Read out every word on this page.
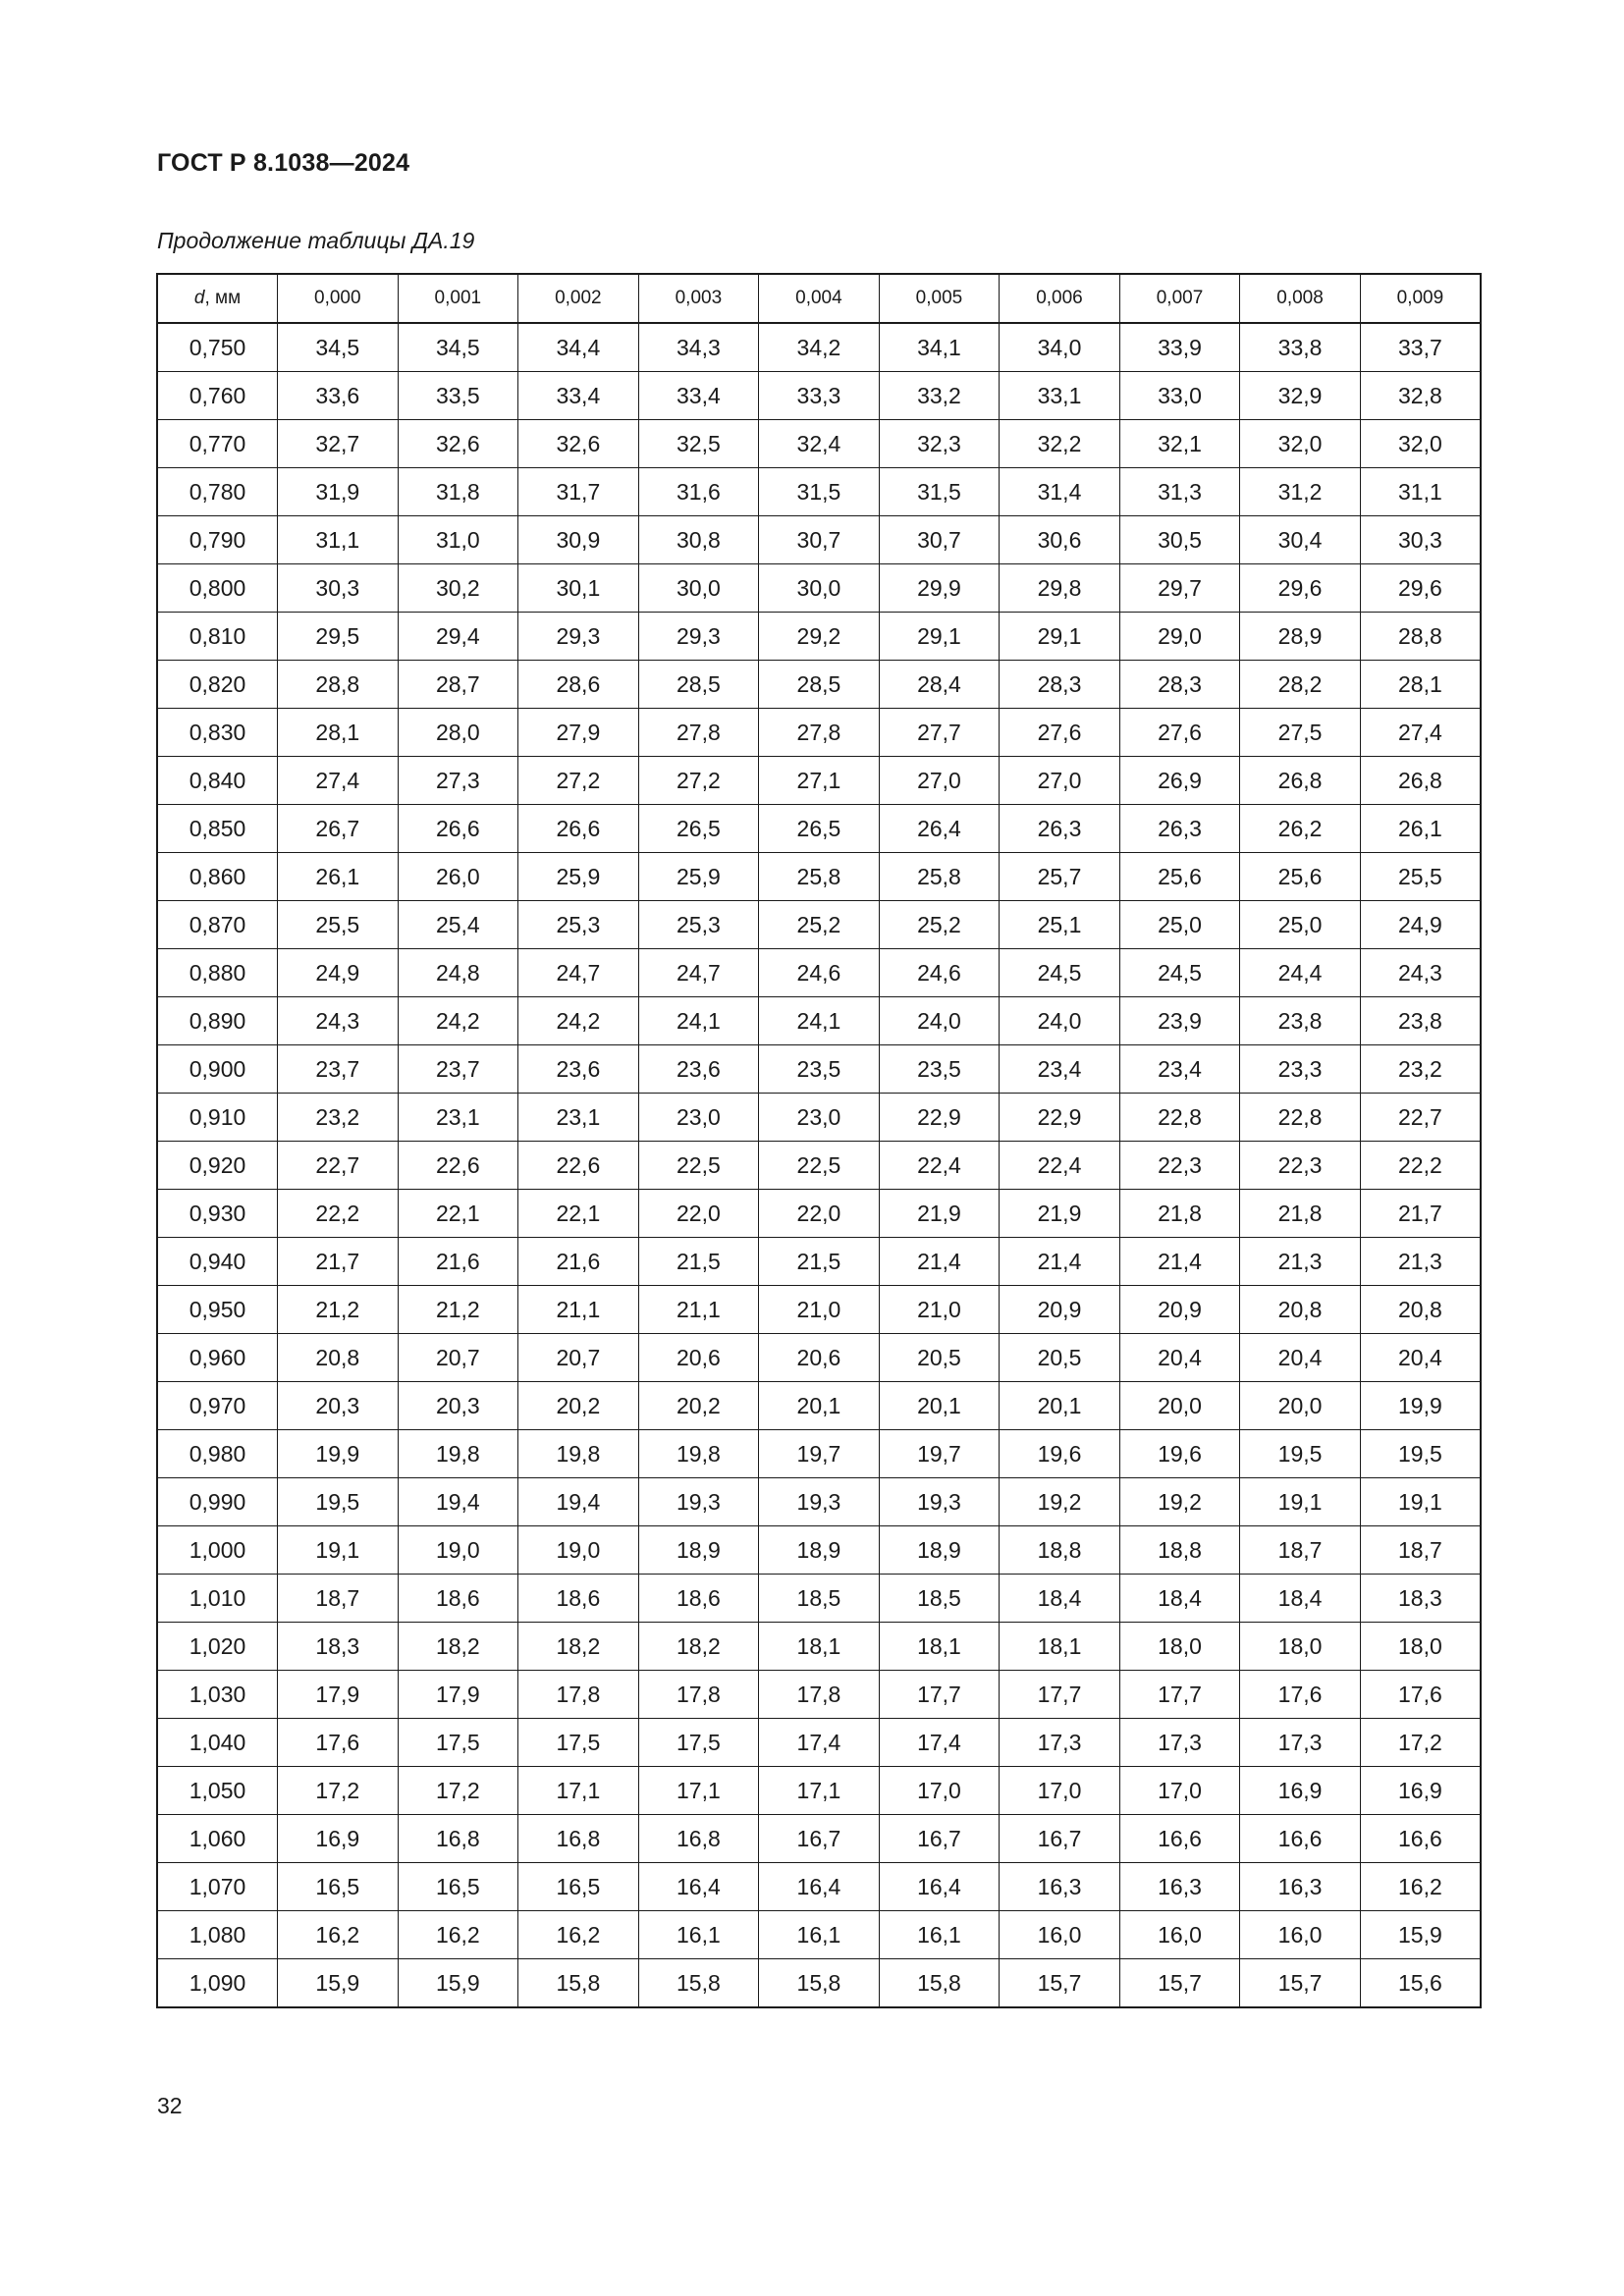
ГОСТ Р 8.1038—2024
Продолжение таблицы ДА.19
d, мм	0,000	0,001	0,002	0,003	0,004	0,005	0,006	0,007	0,008	0,009
0,750	34,5	34,5	34,4	34,3	34,2	34,1	34,0	33,9	33,8	33,7
0,760	33,6	33,5	33,4	33,4	33,3	33,2	33,1	33,0	32,9	32,8
0,770	32,7	32,6	32,6	32,5	32,4	32,3	32,2	32,1	32,0	32,0
0,780	31,9	31,8	31,7	31,6	31,5	31,5	31,4	31,3	31,2	31,1
0,790	31,1	31,0	30,9	30,8	30,7	30,7	30,6	30,5	30,4	30,3
0,800	30,3	30,2	30,1	30,0	30,0	29,9	29,8	29,7	29,6	29,6
0,810	29,5	29,4	29,3	29,3	29,2	29,1	29,1	29,0	28,9	28,8
0,820	28,8	28,7	28,6	28,5	28,5	28,4	28,3	28,3	28,2	28,1
0,830	28,1	28,0	27,9	27,8	27,8	27,7	27,6	27,6	27,5	27,4
0,840	27,4	27,3	27,2	27,2	27,1	27,0	27,0	26,9	26,8	26,8
0,850	26,7	26,6	26,6	26,5	26,5	26,4	26,3	26,3	26,2	26,1
0,860	26,1	26,0	25,9	25,9	25,8	25,8	25,7	25,6	25,6	25,5
0,870	25,5	25,4	25,3	25,3	25,2	25,2	25,1	25,0	25,0	24,9
0,880	24,9	24,8	24,7	24,7	24,6	24,6	24,5	24,5	24,4	24,3
0,890	24,3	24,2	24,2	24,1	24,1	24,0	24,0	23,9	23,8	23,8
0,900	23,7	23,7	23,6	23,6	23,5	23,5	23,4	23,4	23,3	23,2
0,910	23,2	23,1	23,1	23,0	23,0	22,9	22,9	22,8	22,8	22,7
0,920	22,7	22,6	22,6	22,5	22,5	22,4	22,4	22,3	22,3	22,2
0,930	22,2	22,1	22,1	22,0	22,0	21,9	21,9	21,8	21,8	21,7
0,940	21,7	21,6	21,6	21,5	21,5	21,4	21,4	21,4	21,3	21,3
0,950	21,2	21,2	21,1	21,1	21,0	21,0	20,9	20,9	20,8	20,8
0,960	20,8	20,7	20,7	20,6	20,6	20,5	20,5	20,4	20,4	20,4
0,970	20,3	20,3	20,2	20,2	20,1	20,1	20,1	20,0	20,0	19,9
0,980	19,9	19,8	19,8	19,8	19,7	19,7	19,6	19,6	19,5	19,5
0,990	19,5	19,4	19,4	19,3	19,3	19,3	19,2	19,2	19,1	19,1
1,000	19,1	19,0	19,0	18,9	18,9	18,9	18,8	18,8	18,7	18,7
1,010	18,7	18,6	18,6	18,6	18,5	18,5	18,4	18,4	18,4	18,3
1,020	18,3	18,2	18,2	18,2	18,1	18,1	18,1	18,0	18,0	18,0
1,030	17,9	17,9	17,8	17,8	17,8	17,7	17,7	17,7	17,6	17,6
1,040	17,6	17,5	17,5	17,5	17,4	17,4	17,3	17,3	17,3	17,2
1,050	17,2	17,2	17,1	17,1	17,1	17,0	17,0	17,0	16,9	16,9
1,060	16,9	16,8	16,8	16,8	16,7	16,7	16,7	16,6	16,6	16,6
1,070	16,5	16,5	16,5	16,4	16,4	16,4	16,3	16,3	16,3	16,2
1,080	16,2	16,2	16,2	16,1	16,1	16,1	16,0	16,0	16,0	15,9
1,090	15,9	15,9	15,8	15,8	15,8	15,8	15,7	15,7	15,7	15,6
32
